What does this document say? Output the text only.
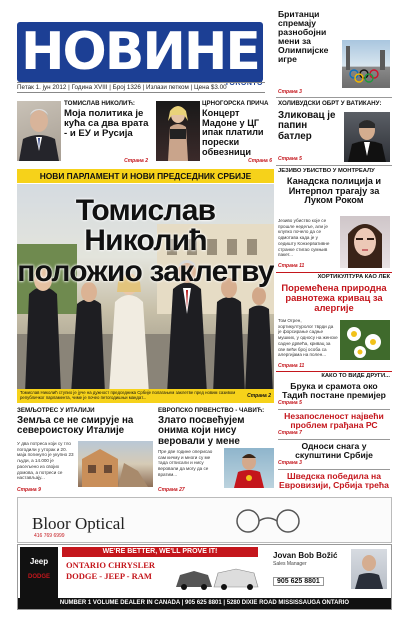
НОВИНЕ
TORONTO
Петак 1. јун 2012 | Година XVIII | Број 1326 | Излази петком | Цена $3.00
Британци спремају разнобојни мени за Олимпијске игре
Страна 3
ТОМИСЛАВ НИКОЛИЋ:
Моја политика је кућа са два врата - и ЕУ и Русија
Страна 2
ЦРНОГОРСКА ПРИЧА
Концерт Мадоне у ЦГ ипак платили порески обвезници
Страна 6
ХОЛИВУДСКИ ОБРТ У ВАТИКАНУ:
Зликовац је папин батлер
Страна 5
НОВИ ПАРЛАМЕНТ И НОВИ ПРЕДСЕДНИК СРБИЈЕ
Томислав Николић
положио заклетву
Томислав Николић ступио је јуче на дужност председника Србије полагањем заклетве пред новим сазивом републичког парламента, чиме је почео петогодишњи мандат...	Страна 2
ЈЕЗИВО УБИСТВО У МОНТРЕАЛУ
Канадска полиција и Интерпол трагају за Луком Роком
Језиво убиство које се прошле недеље, али је клупко почело да се одмотава када је у седишту Конзервативне странке стигао сумњив пакет...
Страна 11
ХОРТИКУЛТУРА КАО ЛЕК
Поремећена природна равнотежа кривац за алергије
Том Огрен, хортикултуролог тврди да је форсирање садње мушких, у односу на женске садне дрвећа, кривац за све већи број особа са алергијама на полен...
Страна 11
КАКО ТО ВИДЕ ДРУГИ...
Брука и срамота око Тадић постане премијер
Страна 5
Незапосленост највећи проблем грађана РС
Страна 7
Односи снага у скупштини Србије
Страна 3
Шведска победила на Евровизији, Србија трећа
ЗЕМЉОТРЕС У ИТАЛИЈИ
Земља се не смирује на северoистоку Италије
У два потреса који су тлo погодили у уторак и 20. маја погинуло је укупно 23 људи, а 14.000 је расељено из својих домова, а потреси се настављају...
Страна 9
ЕВРОПСКО ПРВЕНСТВО - ЧАВИЋ:
Злато посвећујем онима који нису веровали у мене
Пре две године оперисао сам кичму и многи су ме тада отписали и нису веровали да могу да се вратим...
Страна 27
Bloor Optical
416 769 6999
Jeep
DODGE
WE'RE BETTER, WE'LL PROVE IT!
ONTARIO CHRYSLER
DODGE - JEEP - RAM
Jovan Bob Božić
Sales Manager
905 625 8801
NUMBER 1 VOLUME DEALER IN CANADA | 905 625 8801 | 5280 DIXIE ROAD MISSISSAUGA ONTARIO
